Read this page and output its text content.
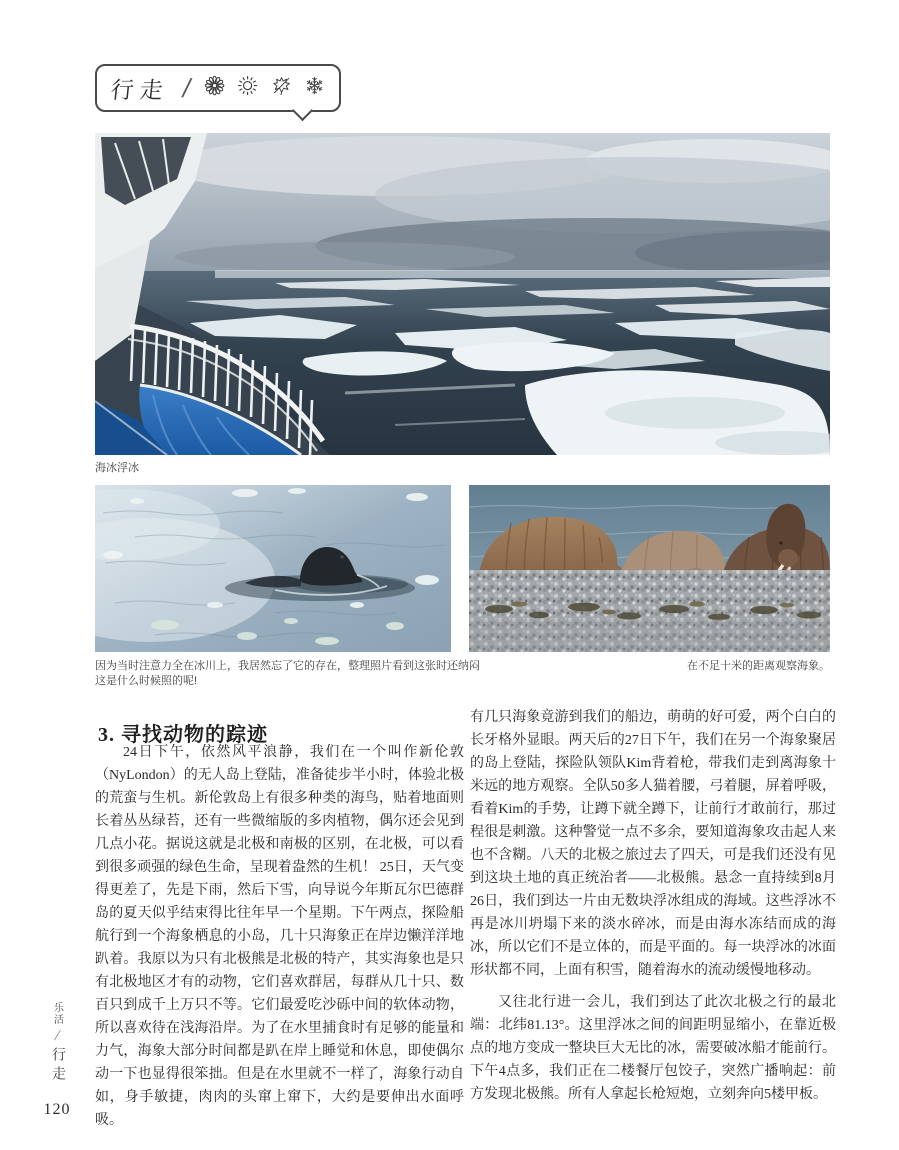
行走 /
海冰浮冰
因为当时注意力全在冰川上，我居然忘了它的存在，整理照片看到这张时还纳闷这是什么时候照的呢!
在不足十米的距离观察海象。
3. 寻找动物的踪迹

24日下午，依然风平浪静，我们在一个叫作新伦敦（NyLondon）的无人岛上登陆，准备徒步半小时，体验北极的荒蛮与生机。新伦敦岛上有很多种类的海鸟，贴着地面则长着丛丛绿苔，还有一些微缩版的多肉植物，偶尔还会见到几点小花。据说这就是北极和南极的区别，在北极，可以看到很多顽强的绿色生命，呈现着盎然的生机！ 25日，天气变得更差了，先是下雨，然后下雪，向导说今年斯瓦尔巴德群岛的夏天似乎结束得比往年早一个星期。下午两点，探险船航行到一个海象栖息的小岛，几十只海象正在岸边懒洋洋地趴着。我原以为只有北极熊是北极的特产，其实海象也是只有北极地区才有的动物，它们喜欢群居，每群从几十只、数百只到成千上万只不等。它们最爱吃沙砾中间的软体动物，所以喜欢待在浅海沿岸。为了在水里捕食时有足够的能量和力气，海象大部分时间都是趴在岸上睡觉和休息，即使偶尔动一下也显得很笨拙。但是在水里就不一样了，海象行动自如，身手敏捷，肉肉的头窜上窜下，大约是要伸出水面呼吸。

有几只海象竟游到我们的船边，萌萌的好可爱，两个白白的长牙格外显眼。两天后的27日下午，我们在另一个海象聚居的岛上登陆，探险队领队Kim背着枪，带我们走到离海象十米远的地方观察。全队50多人猫着腰，弓着腿，屏着呼吸，看着Kim的手势，让蹲下就全蹲下，让前行才敢前行，那过程很是刺激。这种警觉一点不多余，要知道海象攻击起人来也不含糊。八天的北极之旅过去了四天，可是我们还没有见到这块土地的真正统治者——北极熊。悬念一直持续到8月26日，我们到达一片由无数块浮冰组成的海域。这些浮冰不再是冰川坍塌下来的淡水碎冰，而是由海水冻结而成的海冰，所以它们不是立体的，而是平面的。每一块浮冰的冰面形状都不同，上面有积雪，随着海水的流动缓慢地移动。

又往北行进一会儿，我们到达了此次北极之行的最北端：北纬81.13°。这里浮冰之间的间距明显缩小，在靠近极点的地方变成一整块巨大无比的冰，需要破冰船才能前行。下午4点多，我们正在二楼餐厅包饺子，突然广播响起：前方发现北极熊。所有人拿起长枪短炮，立刻奔向5楼甲板。

乐活
/
行走
120
